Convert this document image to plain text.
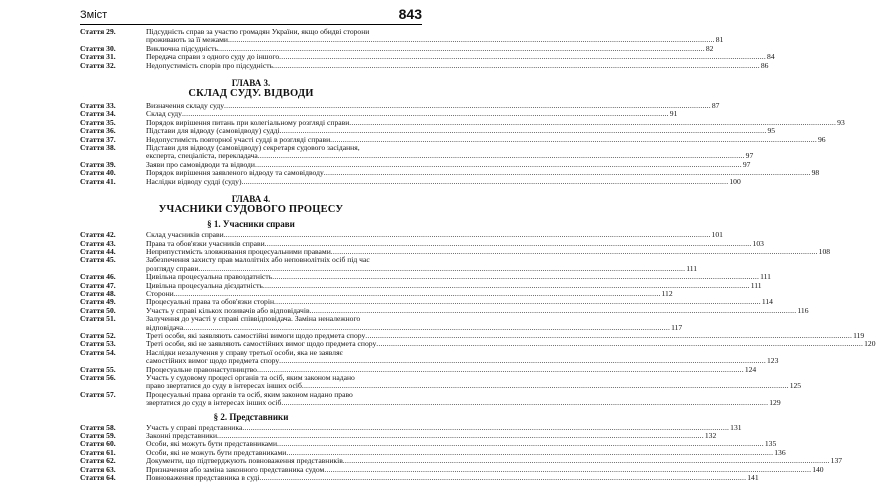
Зміст	843
Стаття 29.	Підсудність справ за участю громадян України, якщо обидві сторони
проживають за її межами .....	81
Стаття 30.	Виключна підсудність .....	82
Стаття 31.	Передача справи з одного суду до іншого .....	84
Стаття 32.	Недопустимість спорів про підсудність .....	86
ГЛАВА 3.
СКЛАД СУДУ. ВІДВОДИ
Стаття 33.	Визначення складу суду .....	87
Стаття 34.	Склад суду .....	91
Стаття 35.	Порядок вирішення питань при колегіальному розгляді справи .....	93
Стаття 36.	Підстави для відводу (самовідводу) судді .....	95
Стаття 37.	Недопустимість повторної участі судді в розгляді справи .....	96
Стаття 38.	Підстави для відводу (самовідводу) секретаря судового засідання,
експерта, спеціаліста, перекладача .....	97
Стаття 39.	Заяви про самовідводи та відводи .....	97
Стаття 40.	Порядок вирішення заявленого відводу та самовідводу .....	98
Стаття 41.	Наслідки відводу судді (суду) .....	100
ГЛАВА 4.
УЧАСНИКИ СУДОВОГО ПРОЦЕСУ
§ 1. Учасники справи
Стаття 42.	Склад учасників справи .....	101
Стаття 43.	Права та обов'язки учасників справи .....	103
Стаття 44.	Неприпустимість зловживання процесуальними правами .....	108
Стаття 45.	Забезпечення захисту прав малолітніх або неповнолітніх осіб під час
розгляду справи .....	111
Стаття 46.	Цивільна процесуальна правоздатність .....	111
Стаття 47.	Цивільна процесуальна дієздатність .....	111
Стаття 48.	Сторони .....	112
Стаття 49.	Процесуальні права та обов'язки сторін .....	114
Стаття 50.	Участь у справі кількох позивачів або відповідачів .....	116
Стаття 51.	Залучення до участі у справі співвідповідача. Заміна неналежного
відповідача .....	117
Стаття 52.	Треті особи, які заявляють самостійні вимоги щодо предмета спору .....	119
Стаття 53.	Треті особи, які не заявляють самостійних вимог щодо предмета спору .....	120
Стаття 54.	Наслідки незалучення у справу третьої особи, яка не заявляє
самостійних вимог щодо предмета спору .....	123
Стаття 55.	Процесуальне правонаступництво .....	124
Стаття 56.	Участь у судовому процесі органів та осіб, яким законом надано
право звертатися до суду в інтересах інших осіб .....	125
Стаття 57.	Процесуальні права органів та осіб, яким законом надано право
звертатися до суду в інтересах інших осіб .....	129
§ 2. Представники
Стаття 58.	Участь у справі представника .....	131
Стаття 59.	Законні представники .....	132
Стаття 60.	Особи, які можуть бути представниками .....	135
Стаття 61.	Особи, які не можуть бути представниками .....	136
Стаття 62.	Документи, що підтверджують повноваження представників .....	137
Стаття 63.	Призначення або заміна законного представника судом .....	140
Стаття 64.	Повноваження представника в суді .....	141
